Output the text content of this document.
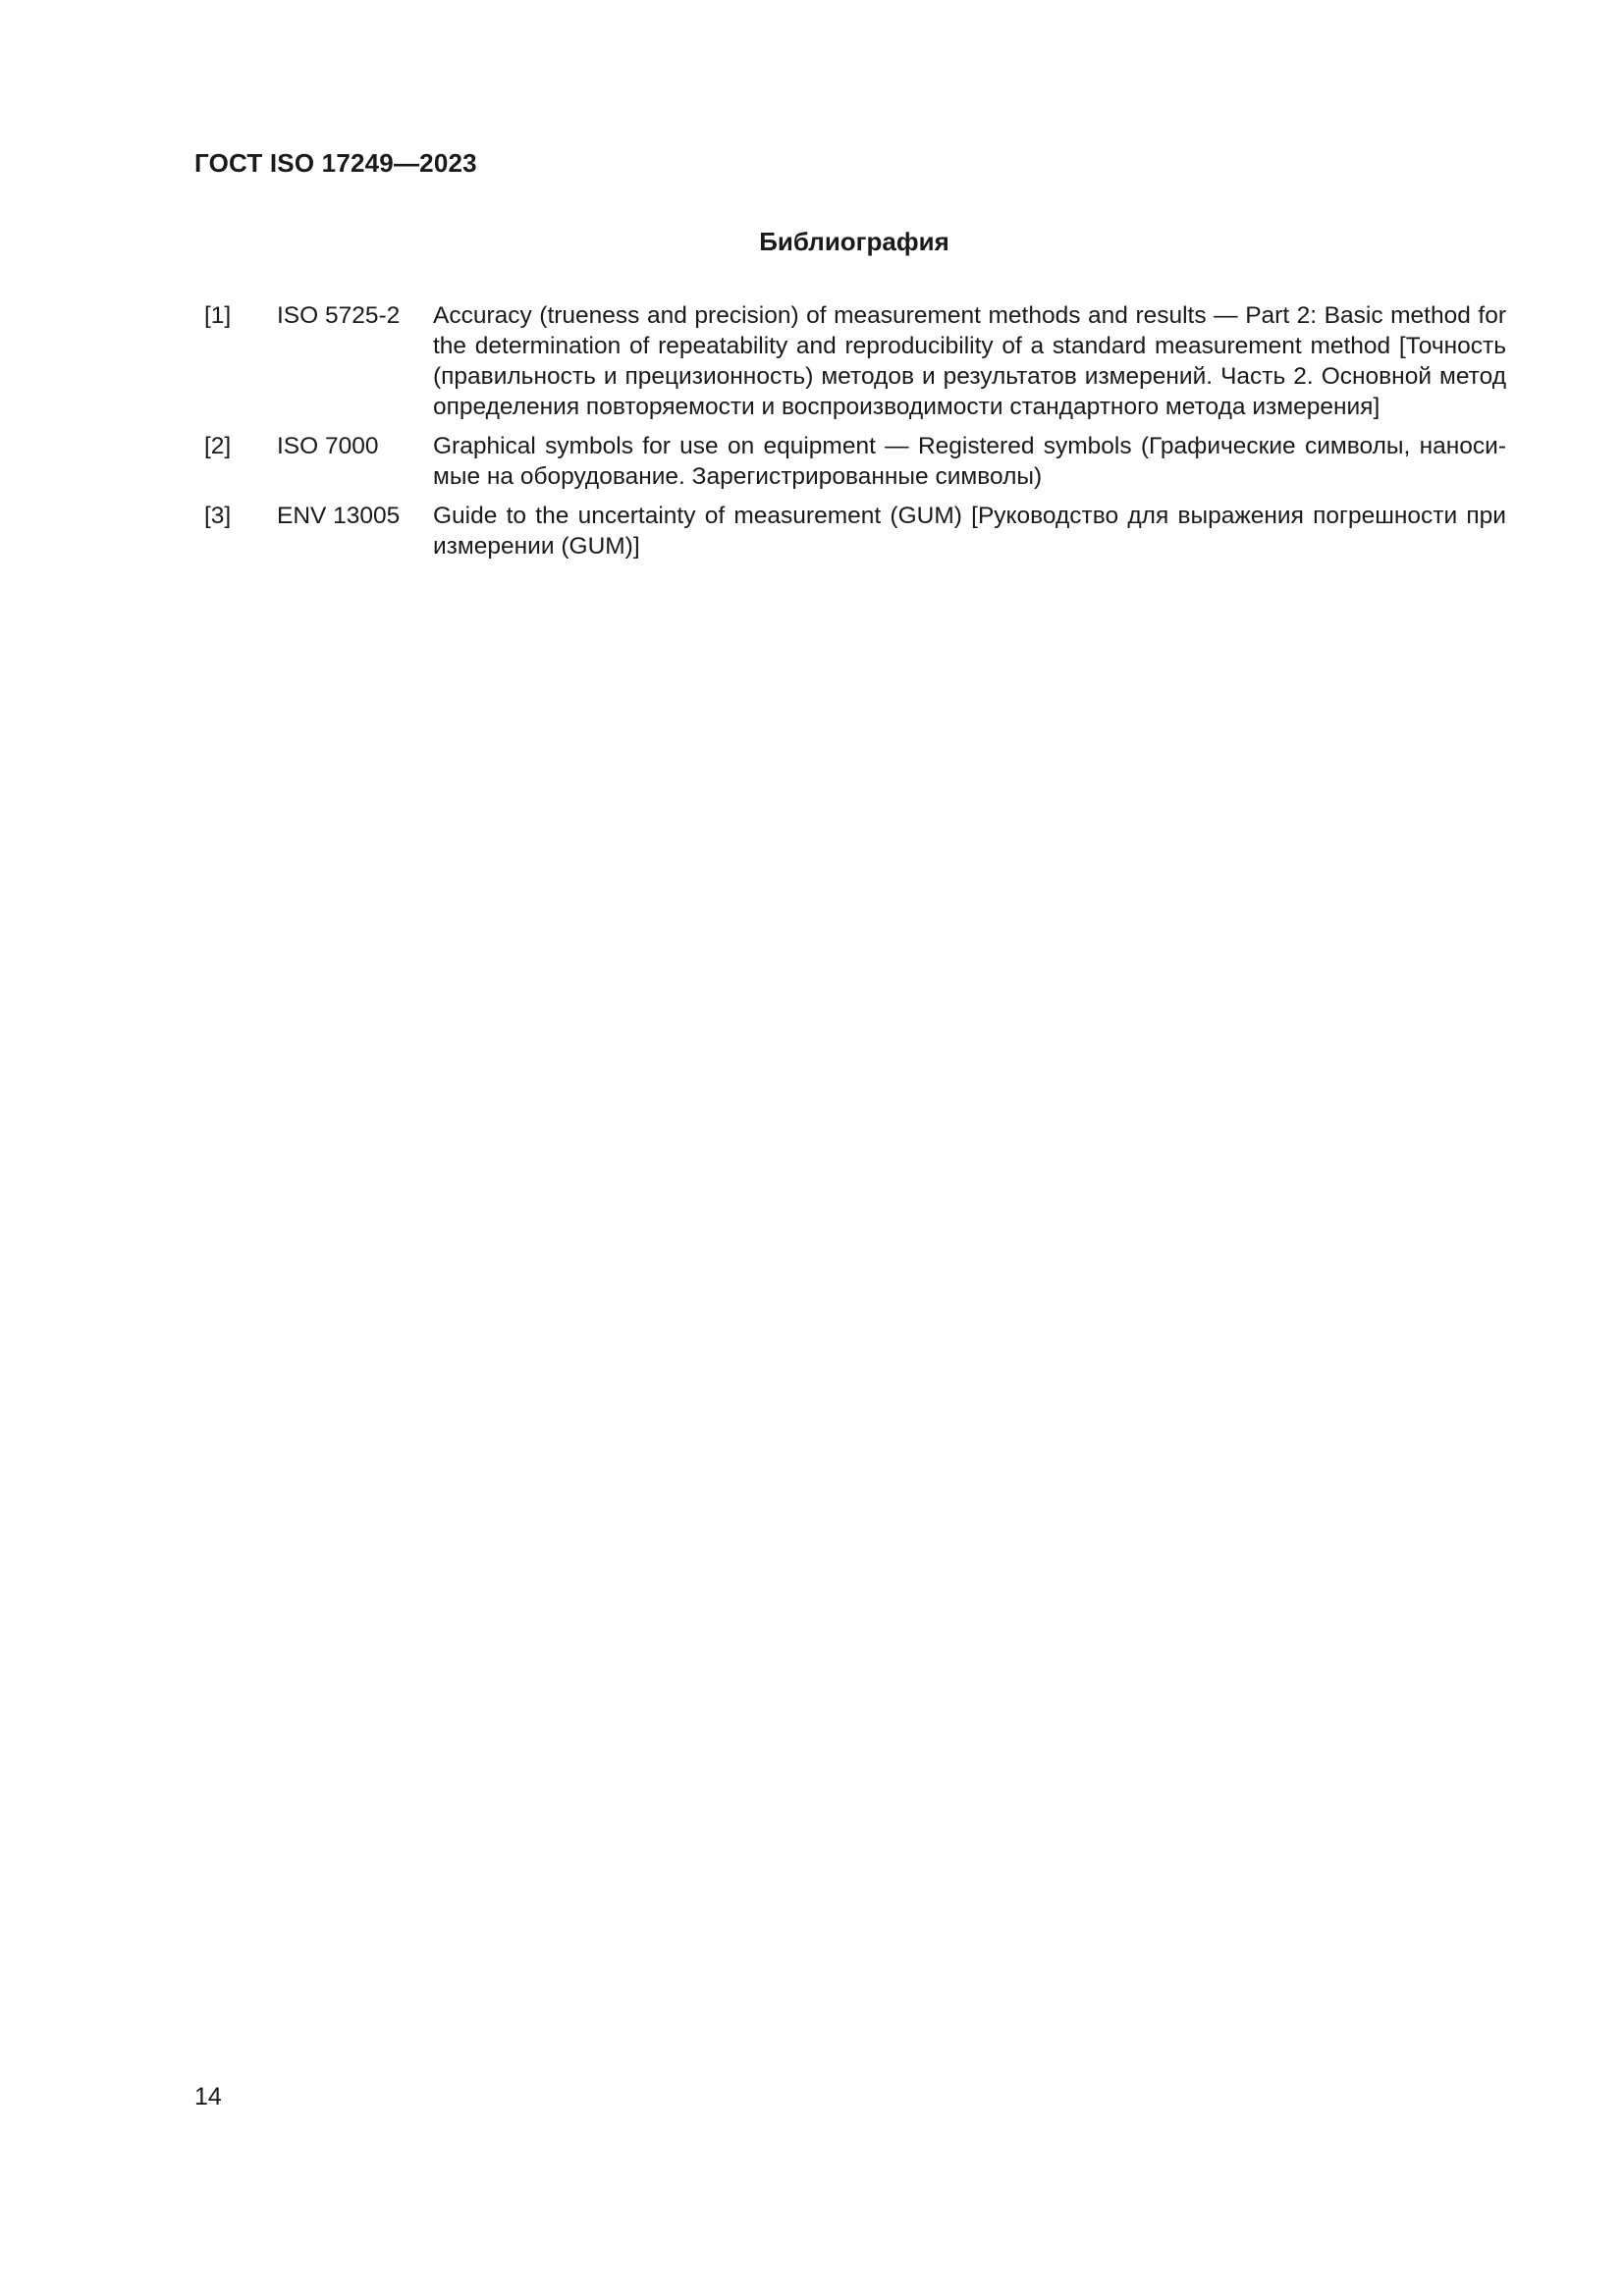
ГОСТ ISO 17249—2023
Библиография
[1]	ISO 5725-2	Accuracy (trueness and precision) of measurement methods and results — Part 2: Basic method for the determination of repeatability and reproducibility of a standard measurement method [Точность (правильность и прецизионность) методов и результатов измерений. Часть 2. Основной метод определения повторяемости и воспроизводимости стандартного метода измерения]
[2]	ISO 7000	Graphical symbols for use on equipment — Registered symbols (Графические символы, наносимые на оборудование. Зарегистрированные символы)
[3]	ENV 13005	Guide to the uncertainty of measurement (GUM) [Руководство для выражения погрешности при измерении (GUM)]
14
